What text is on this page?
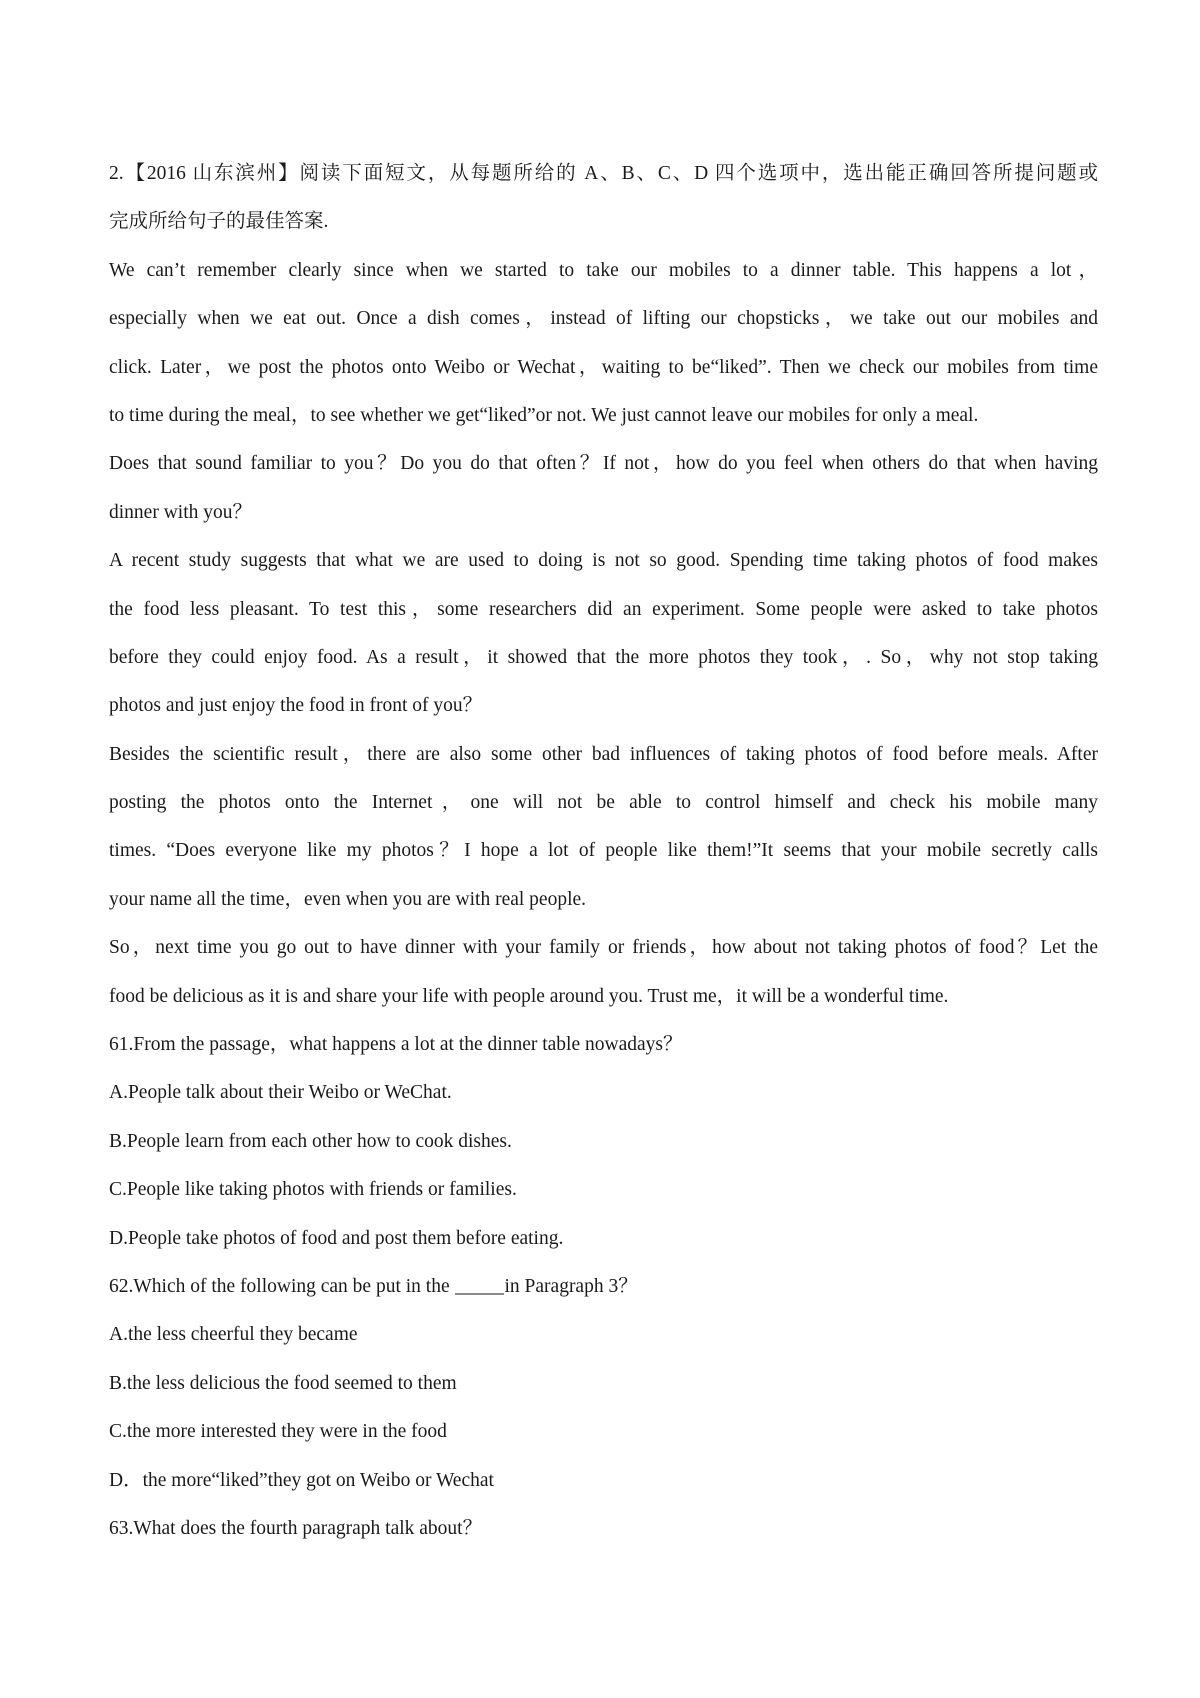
2.【2016 山东滨州】阅读下面短文，从每题所给的 A、B、C、D 四个选项中，选出能正确回答所提问题或
完成所给句子的最佳答案.
We can’t remember clearly since when we started to take our mobiles to a dinner table. This happens a lot，
especially when we eat out. Once a dish comes，instead of lifting our chopsticks，we take out our mobiles and
click. Later，we post the photos onto Weibo or Wechat，waiting to be“liked”. Then we check our mobiles from time
to time during the meal，to see whether we get“liked”or not. We just cannot leave our mobiles for only a meal.
Does that sound familiar to you？Do you do that often？If not，how do you feel when others do that when having
dinner with you？
A recent study suggests that what we are used to doing is not so good. Spending time taking photos of food makes
the food less pleasant. To test this，some researchers did an experiment. Some people were asked to take photos
before they could enjoy food. As a result，it showed that the more photos they took，. So，why not stop taking
photos and just enjoy the food in front of you？
Besides the scientific result，there are also some other bad influences of taking photos of food before meals. After
posting the photos onto the Internet，one will not be able to control himself and check his mobile many
times. “Does everyone like my photos？I hope a lot of people like them!”It seems that your mobile secretly calls
your name all the time，even when you are with real people.
So，next time you go out to have dinner with your family or friends，how about not taking photos of food？Let the
food be delicious as it is and share your life with people around you. Trust me，it will be a wonderful time.
61.From the passage，what happens a lot at the dinner table nowadays？
A.People talk about their Weibo or WeChat.
B.People learn from each other how to cook dishes.
C.People like taking photos with friends or families.
D.People take photos of food and post them before eating.
62.Which of the following can be put in the _____in Paragraph 3？
A.the less cheerful they became
B.the less delicious the food seemed to them
C.the more interested they were in the food
D．the more“liked”they got on Weibo or Wechat
63.What does the fourth paragraph talk about？
